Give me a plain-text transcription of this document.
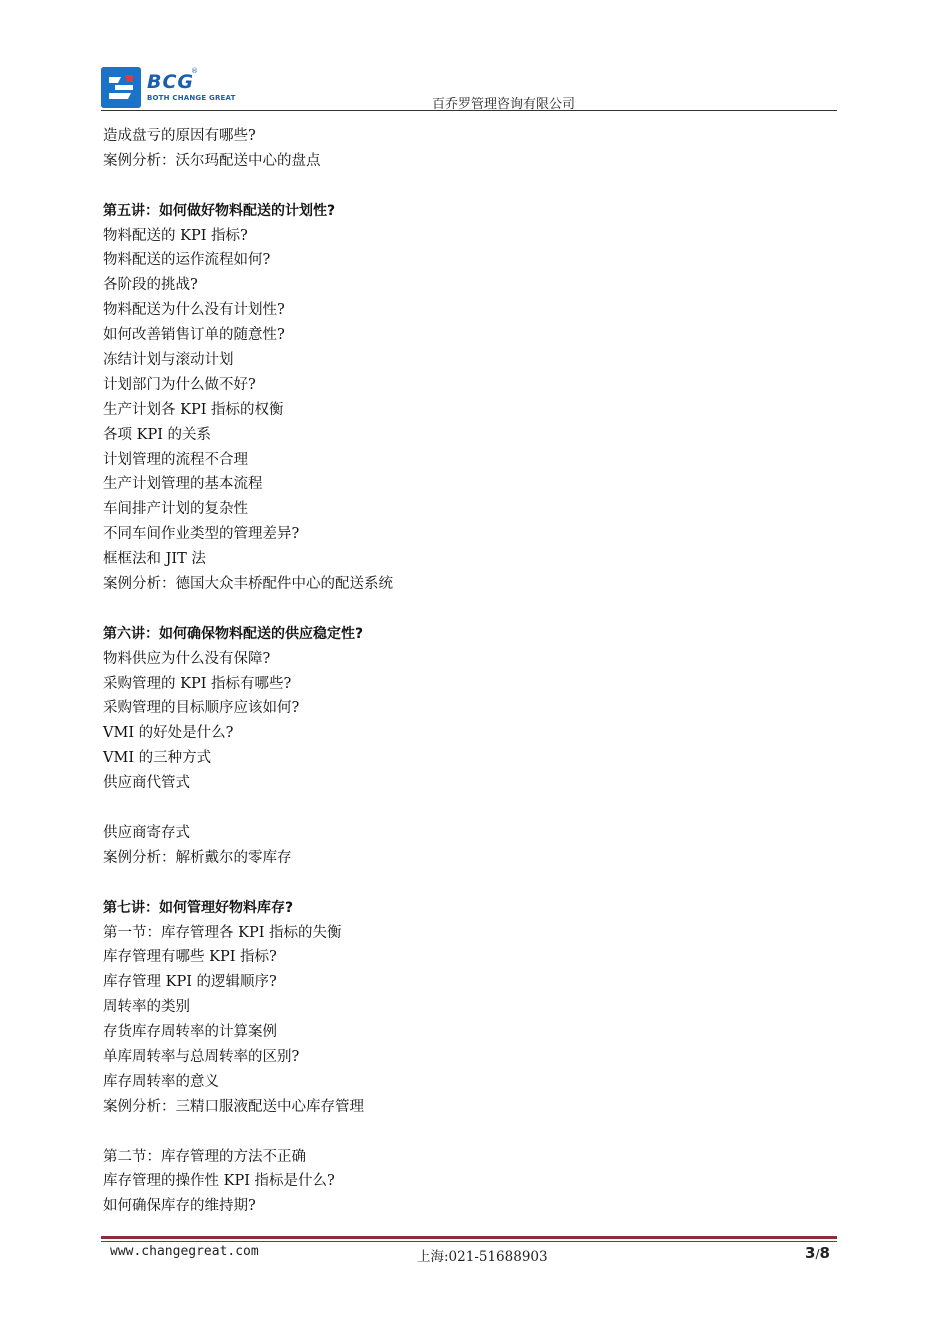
BCG
®
BOTH CHANGE GREAT	百乔罗管理咨询有限公司
造成盘亏的原因有哪些?
案例分析：沃尔玛配送中心的盘点
第五讲：如何做好物料配送的计划性?
物料配送的 KPI 指标?
物料配送的运作流程如何?
各阶段的挑战?
物料配送为什么没有计划性?
如何改善销售订单的随意性?
冻结计划与滚动计划
计划部门为什么做不好?
生产计划各 KPI 指标的权衡
各项 KPI 的关系
计划管理的流程不合理
生产计划管理的基本流程
车间排产计划的复杂性
不同车间作业类型的管理差异?
框框法和 JIT 法
案例分析：德国大众丰桥配件中心的配送系统
第六讲：如何确保物料配送的供应稳定性?
物料供应为什么没有保障?
采购管理的 KPI 指标有哪些?
采购管理的目标顺序应该如何?
VMI 的好处是什么?
VMI 的三种方式
供应商代管式
供应商寄存式
案例分析：解析戴尔的零库存
第七讲：如何管理好物料库存?
第一节：库存管理各 KPI 指标的失衡
库存管理有哪些 KPI 指标?
库存管理 KPI 的逻辑顺序?
周转率的类别
存货库存周转率的计算案例
单库周转率与总周转率的区别?
库存周转率的意义
案例分析：三精口服液配送中心库存管理
第二节：库存管理的方法不正确
库存管理的操作性 KPI 指标是什么?
如何确保库存的维持期?
www.changegreat.com	上海:021-51688903	3/8
